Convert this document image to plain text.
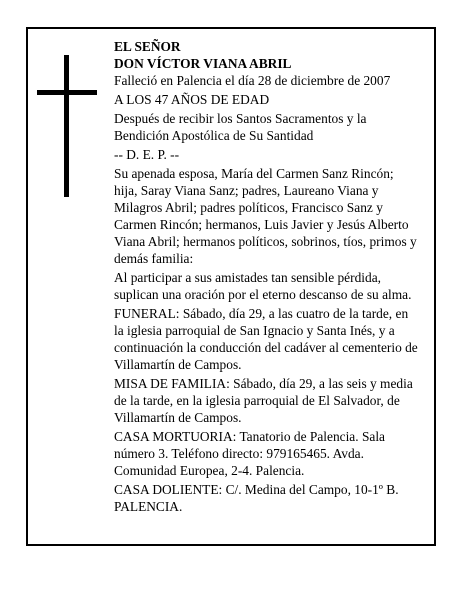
EL SEÑOR

DON VÍCTOR VIANA ABRIL

Falleció en Palencia el día 28 de diciembre de 2007

A LOS 47 AÑOS DE EDAD

Después de recibir los Santos Sacramentos y la Bendición Apostólica de Su Santidad

-- D. E. P. --

Su apenada esposa, María del Carmen Sanz Rincón; hija, Saray Viana Sanz; padres, Laureano Viana y Milagros Abril; padres políticos, Francisco Sanz y Carmen Rincón; hermanos, Luis Javier y Jesús Alberto Viana Abril; hermanos políticos, sobrinos, tíos, primos y demás familia:

Al participar a sus amistades tan sensible pérdida, suplican una oración por el eterno descanso de su alma.

FUNERAL: Sábado, día 29, a las cuatro de la tarde, en la iglesia parroquial de San Ignacio y Santa Inés, y a continuación la conducción del cadáver al cementerio de Villamartín de Campos.

MISA DE FAMILIA: Sábado, día 29, a las seis y media de la tarde, en la iglesia parroquial de El Salvador, de Villamartín de Campos.

CASA MORTUORIA: Tanatorio de Palencia. Sala número 3. Teléfono directo: 979165465. Avda. Comunidad Europea, 2-4. Palencia.

CASA DOLIENTE: C/. Medina del Campo, 10-1º B. PALENCIA.
